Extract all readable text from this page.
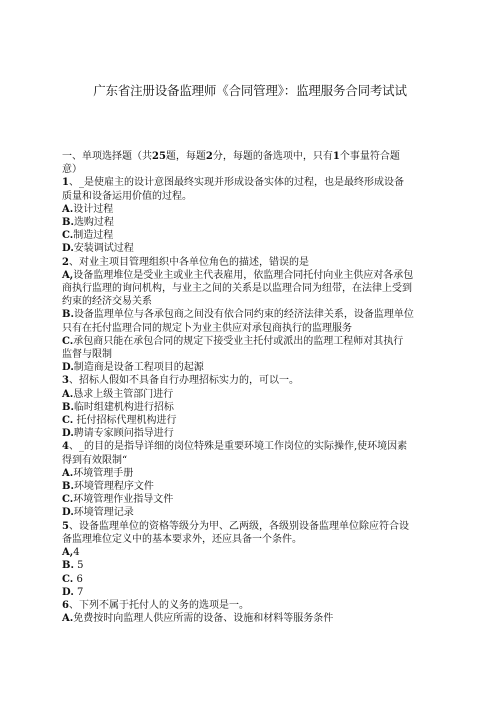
广东省注册设备监理师《合同管理》：监理服务合同考试试

一、单项选择题（共25题，每题2分，每题的备选项中，只有1个事量符合题

意）

1、_是使雇主的设计意图最终实现并形成设备实体的过程，也是最终形成设备

质量和设备运用价值的过程。

A.设计过程

B.选购过程

C.制造过程

D.安装调试过程

2、对业主项目管理组织中各单位角色的描述，错误的是

A,设备监理堆位是受业主或业主代表雇用，依监理合同托付向业主供应对各承包

商执行监理的询问机构，与业主之间的关系是以监理合同为纽带，在法律上受到

约束的经济交易关系

B.设备监理单位与各承包商之间没有依合同约束的经济法律关系，设备监理单位

只有在托付监理合同的规定卜为业主供应对承包商执行的监理服务

C.承包商只能在承包合同的规定下接受业主托付或派出的监理工程师对其执行

监督与限制

D.制造商是设备工程项目的起源

3、招标人假如不具备自行办理招标实力的，可以一。

A.恳求上级主管部门进行

B.临时组建机构进行招标

C. 托付招标代理机构进行

D.聘请专家顾问指导进行

4、_的目的是指导详细的岗位特殊是重要环境工作岗位的实际操作,使环境因素

得到有效限制“

A.环境管理手册

B.环境管理程序文件

C.环境管理作业指导文件

D.环境管理记录

5、设备监理单位的资格等级分为甲、乙两级，各级别设备监理单位除应符合设

备监理堆位定义中的基本要求外，还应具备一个条件。

A,4

B. 5

C. 6

D. 7

6、下列不属于托付人的义务的选项是一。

A.免费按时向监理人供应所需的设备、设施和材料等服务条件
